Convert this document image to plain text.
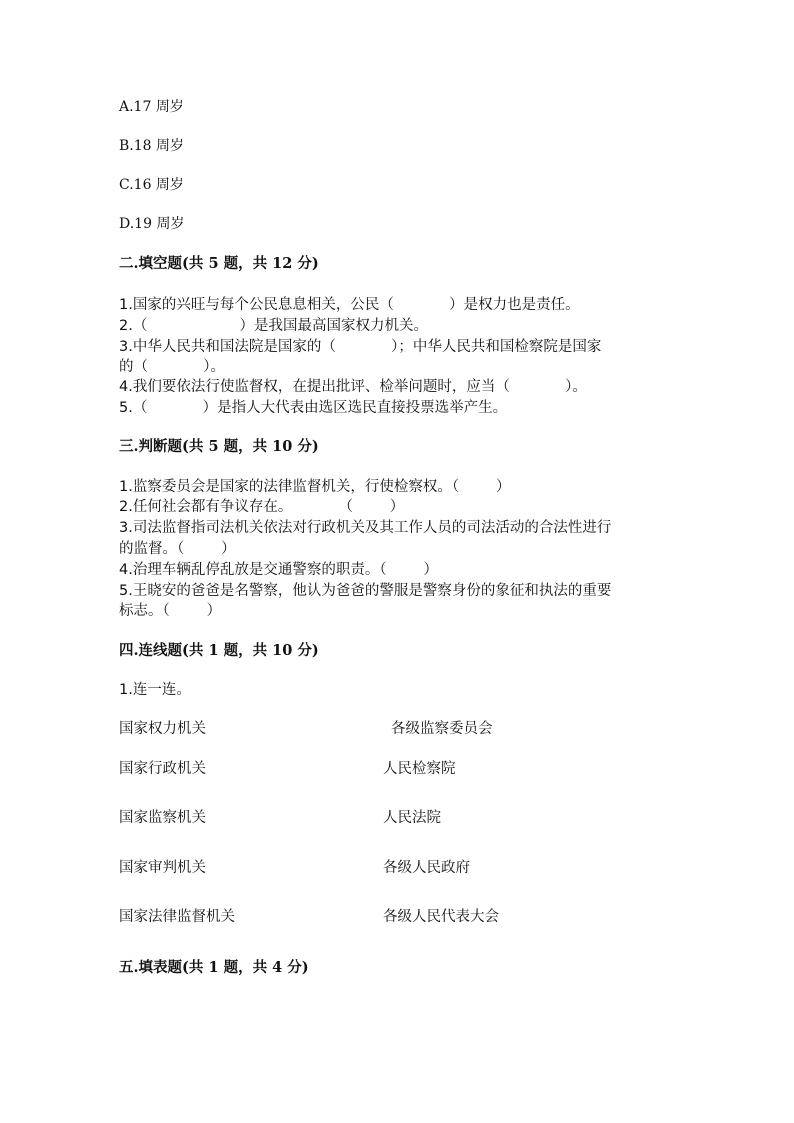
A.17 周岁
B.18 周岁
C.16 周岁
D.19 周岁
二.填空题(共 5 题，共 12 分)
1.国家的兴旺与每个公民息息相关，公民（            ）是权力也是责任。
2.（                    ）是我国最高国家权力机关。
3.中华人民共和国法院是国家的（            ）；中华人民共和国检察院是国家
的（            ）。
4.我们要依法行使监督权，在提出批评、检举问题时，应当（            ）。
5.（            ）是指人大代表由选区选民直接投票选举产生。
三.判断题(共 5 题，共 10 分)
1.监察委员会是国家的法律监督机关，行使检察权。（        ）
2.任何社会都有争议存在。          （        ）
3.司法监督指司法机关依法对行政机关及其工作人员的司法活动的合法性进行
的监督。（        ）
4.治理车辆乱停乱放是交通警察的职责。（        ）
5.王晓安的爸爸是名警察，他认为爸爸的警服是警察身份的象征和执法的重要
标志。（        ）
四.连线题(共 1 题，共 10 分)
1.连一连。
国家权力机关
国家行政机关
国家监察机关
国家审判机关
国家法律监督机关
各级监察委员会
人民检察院
人民法院
各级人民政府
各级人民代表大会
五.填表题(共 1 题，共 4 分)
